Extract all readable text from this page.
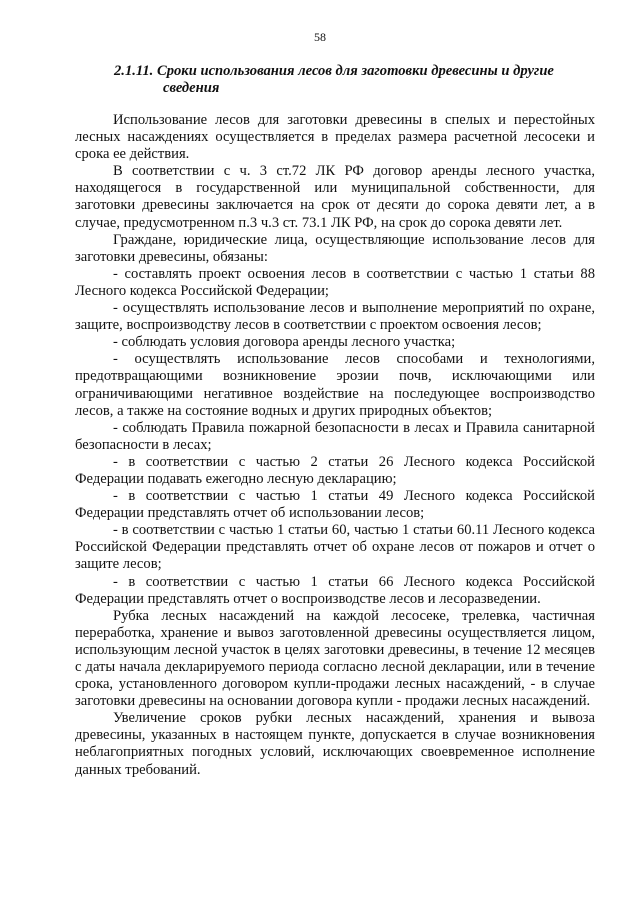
58
2.1.11. Сроки использования лесов для заготовки древесины и другие
сведения

Использование лесов для заготовки древесины в спелых и перестойных лесных насаждениях осуществляется в пределах размера расчетной лесосеки и срока ее действия.

В соответствии с ч. 3 ст.72 ЛК РФ договор аренды лесного участка, находящегося в государственной или муниципальной собственности, для заготовки древесины заключается на срок от десяти до сорока девяти лет, а в случае, предусмотренном п.3 ч.3 ст. 73.1 ЛК РФ, на срок до сорока девяти лет.

Граждане, юридические лица, осуществляющие использование лесов для заготовки древесины, обязаны:

- составлять проект освоения лесов в соответствии с частью 1 статьи 88 Лесного кодекса Российской Федерации;

- осуществлять использование лесов и выполнение мероприятий по охране, защите, воспроизводству лесов в соответствии с проектом освоения лесов;

- соблюдать условия договора аренды лесного участка;

- осуществлять использование лесов способами и технологиями, предотвращающими возникновение эрозии почв, исключающими или ограничивающими негативное воздействие на последующее воспроизводство лесов, а также на состояние водных и других природных объектов;

- соблюдать Правила пожарной безопасности в лесах и Правила санитарной безопасности в лесах;

- в соответствии с частью 2 статьи 26 Лесного кодекса Российской Федерации подавать ежегодно лесную декларацию;

- в соответствии с частью 1 статьи 49 Лесного кодекса Российской Федерации представлять отчет об использовании лесов;

- в соответствии с частью 1 статьи 60, частью 1 статьи 60.11 Лесного кодекса Российской Федерации представлять отчет об охране лесов от пожаров и отчет о защите лесов;

- в соответствии с частью 1 статьи 66 Лесного кодекса Российской Федерации представлять отчет о воспроизводстве лесов и лесоразведении.

Рубка лесных насаждений на каждой лесосеке, трелевка, частичная переработка, хранение и вывоз заготовленной древесины осуществляется лицом, использующим лесной участок в целях заготовки древесины, в течение 12 месяцев с даты начала декларируемого периода согласно лесной декларации, или в течение срока, установленного договором купли-продажи лесных насаждений, - в случае заготовки древесины на основании договора купли - продажи лесных насаждений.

Увеличение сроков рубки лесных насаждений, хранения и вывоза древесины, указанных в настоящем пункте, допускается в случае возникновения неблагоприятных погодных условий, исключающих своевременное исполнение данных требований.
